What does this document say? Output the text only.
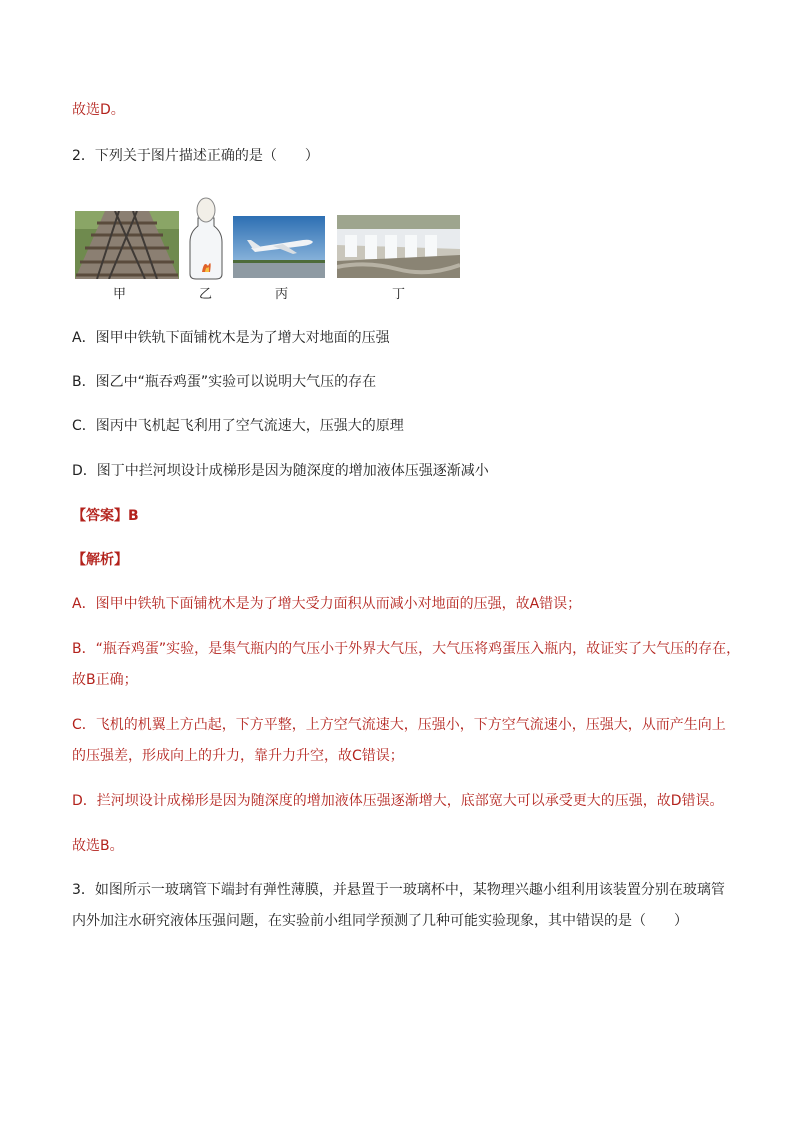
故选D。
2．下列关于图片描述正确的是（　　）
甲	乙	丙	丁
A．图甲中铁轨下面铺枕木是为了增大对地面的压强
B．图乙中“瓶吞鸡蛋”实验可以说明大气压的存在
C．图丙中飞机起飞利用了空气流速大，压强大的原理
D．图丁中拦河坝设计成梯形是因为随深度的增加液体压强逐渐减小
【答案】B
【解析】
A．图甲中铁轨下面铺枕木是为了增大受力面积从而减小对地面的压强，故A错误；
B．“瓶吞鸡蛋”实验，是集气瓶内的气压小于外界大气压，大气压将鸡蛋压入瓶内，故证实了大气压的存在，
故B正确；
C．飞机的机翼上方凸起，下方平整，上方空气流速大，压强小，下方空气流速小，压强大，从而产生向上
的压强差，形成向上的升力，靠升力升空，故C错误；
D．拦河坝设计成梯形是因为随深度的增加液体压强逐渐增大，底部宽大可以承受更大的压强，故D错误。
故选B。
3．如图所示一玻璃管下端封有弹性薄膜，并悬置于一玻璃杯中，某物理兴趣小组利用该装置分别在玻璃管
内外加注水研究液体压强问题，在实验前小组同学预测了几种可能实验现象，其中错误的是（　　）
